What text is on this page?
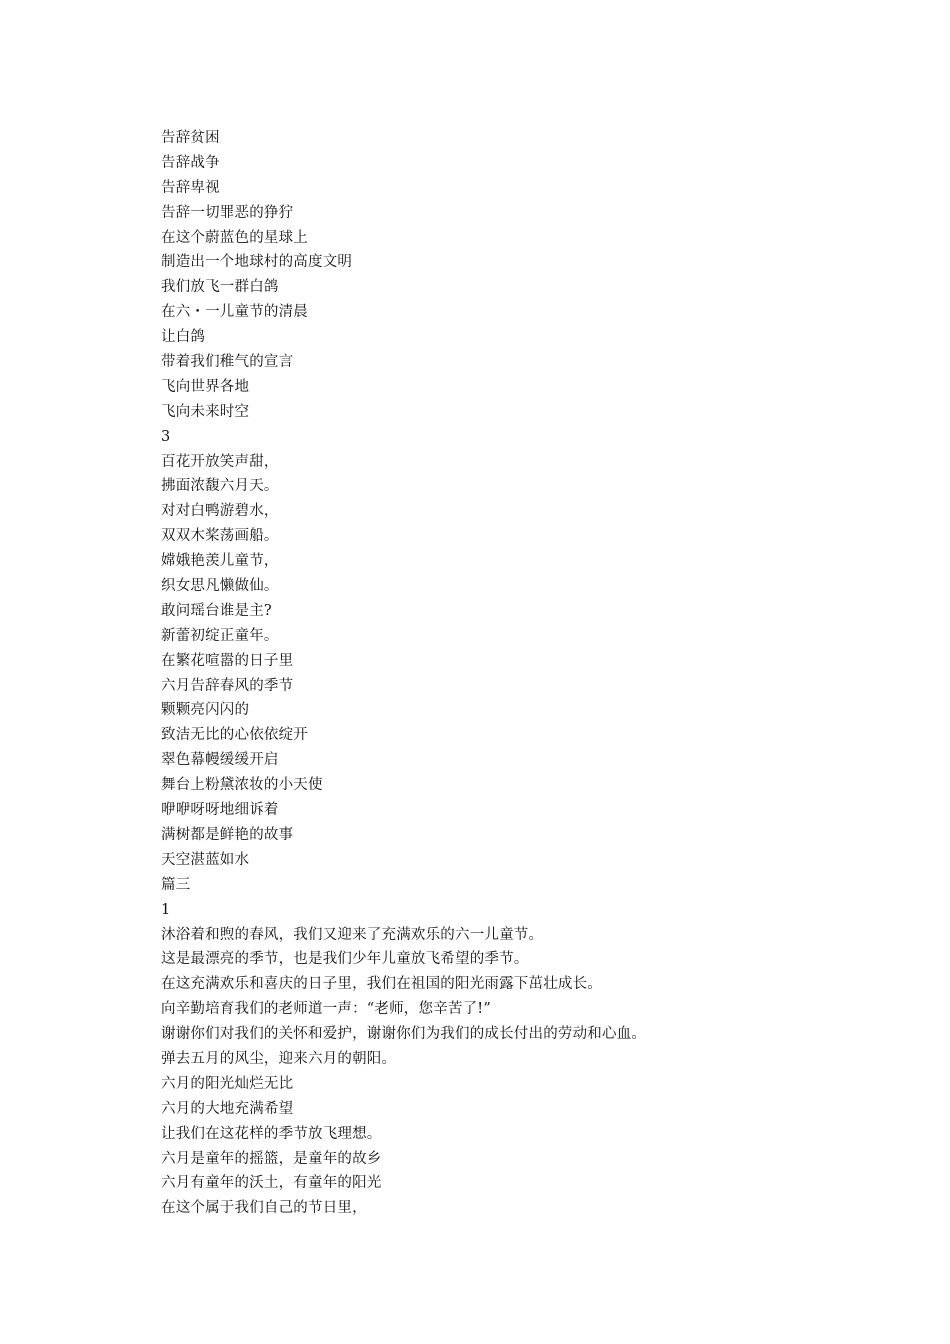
告辞贫困
告辞战争
告辞卑视
告辞一切罪恶的狰狞
在这个蔚蓝色的星球上
制造出一个地球村的高度文明
我们放飞一群白鸽
在六・一儿童节的清晨
让白鸽
带着我们稚气的宣言
飞向世界各地
飞向未来时空
3
百花开放笑声甜，
拂面浓馥六月天。
对对白鸭游碧水，
双双木桨荡画船。
嫦娥艳羡儿童节，
织女思凡懒做仙。
敢问瑶台谁是主?
新蕾初绽正童年。
在繁花喧嚣的日子里
六月告辞春风的季节
颗颗亮闪闪的
致洁无比的心依依绽开
翠色幕幔缓缓开启
舞台上粉黛浓妆的小天使
咿咿呀呀地细诉着
满树都是鲜艳的故事
天空湛蓝如水
篇三
1
沐浴着和煦的春风，我们又迎来了充满欢乐的六一儿童节。
这是最漂亮的季节，也是我们少年儿童放飞希望的季节。
在这充满欢乐和喜庆的日子里，我们在祖国的阳光雨露下茁壮成长。
向辛勤培育我们的老师道一声：“老师，您辛苦了!”
谢谢你们对我们的关怀和爱护，谢谢你们为我们的成长付出的劳动和心血。
弹去五月的风尘，迎来六月的朝阳。
六月的阳光灿烂无比
六月的大地充满希望
让我们在这花样的季节放飞理想。
六月是童年的摇篮，是童年的故乡
六月有童年的沃土，有童年的阳光
在这个属于我们自己的节日里，
